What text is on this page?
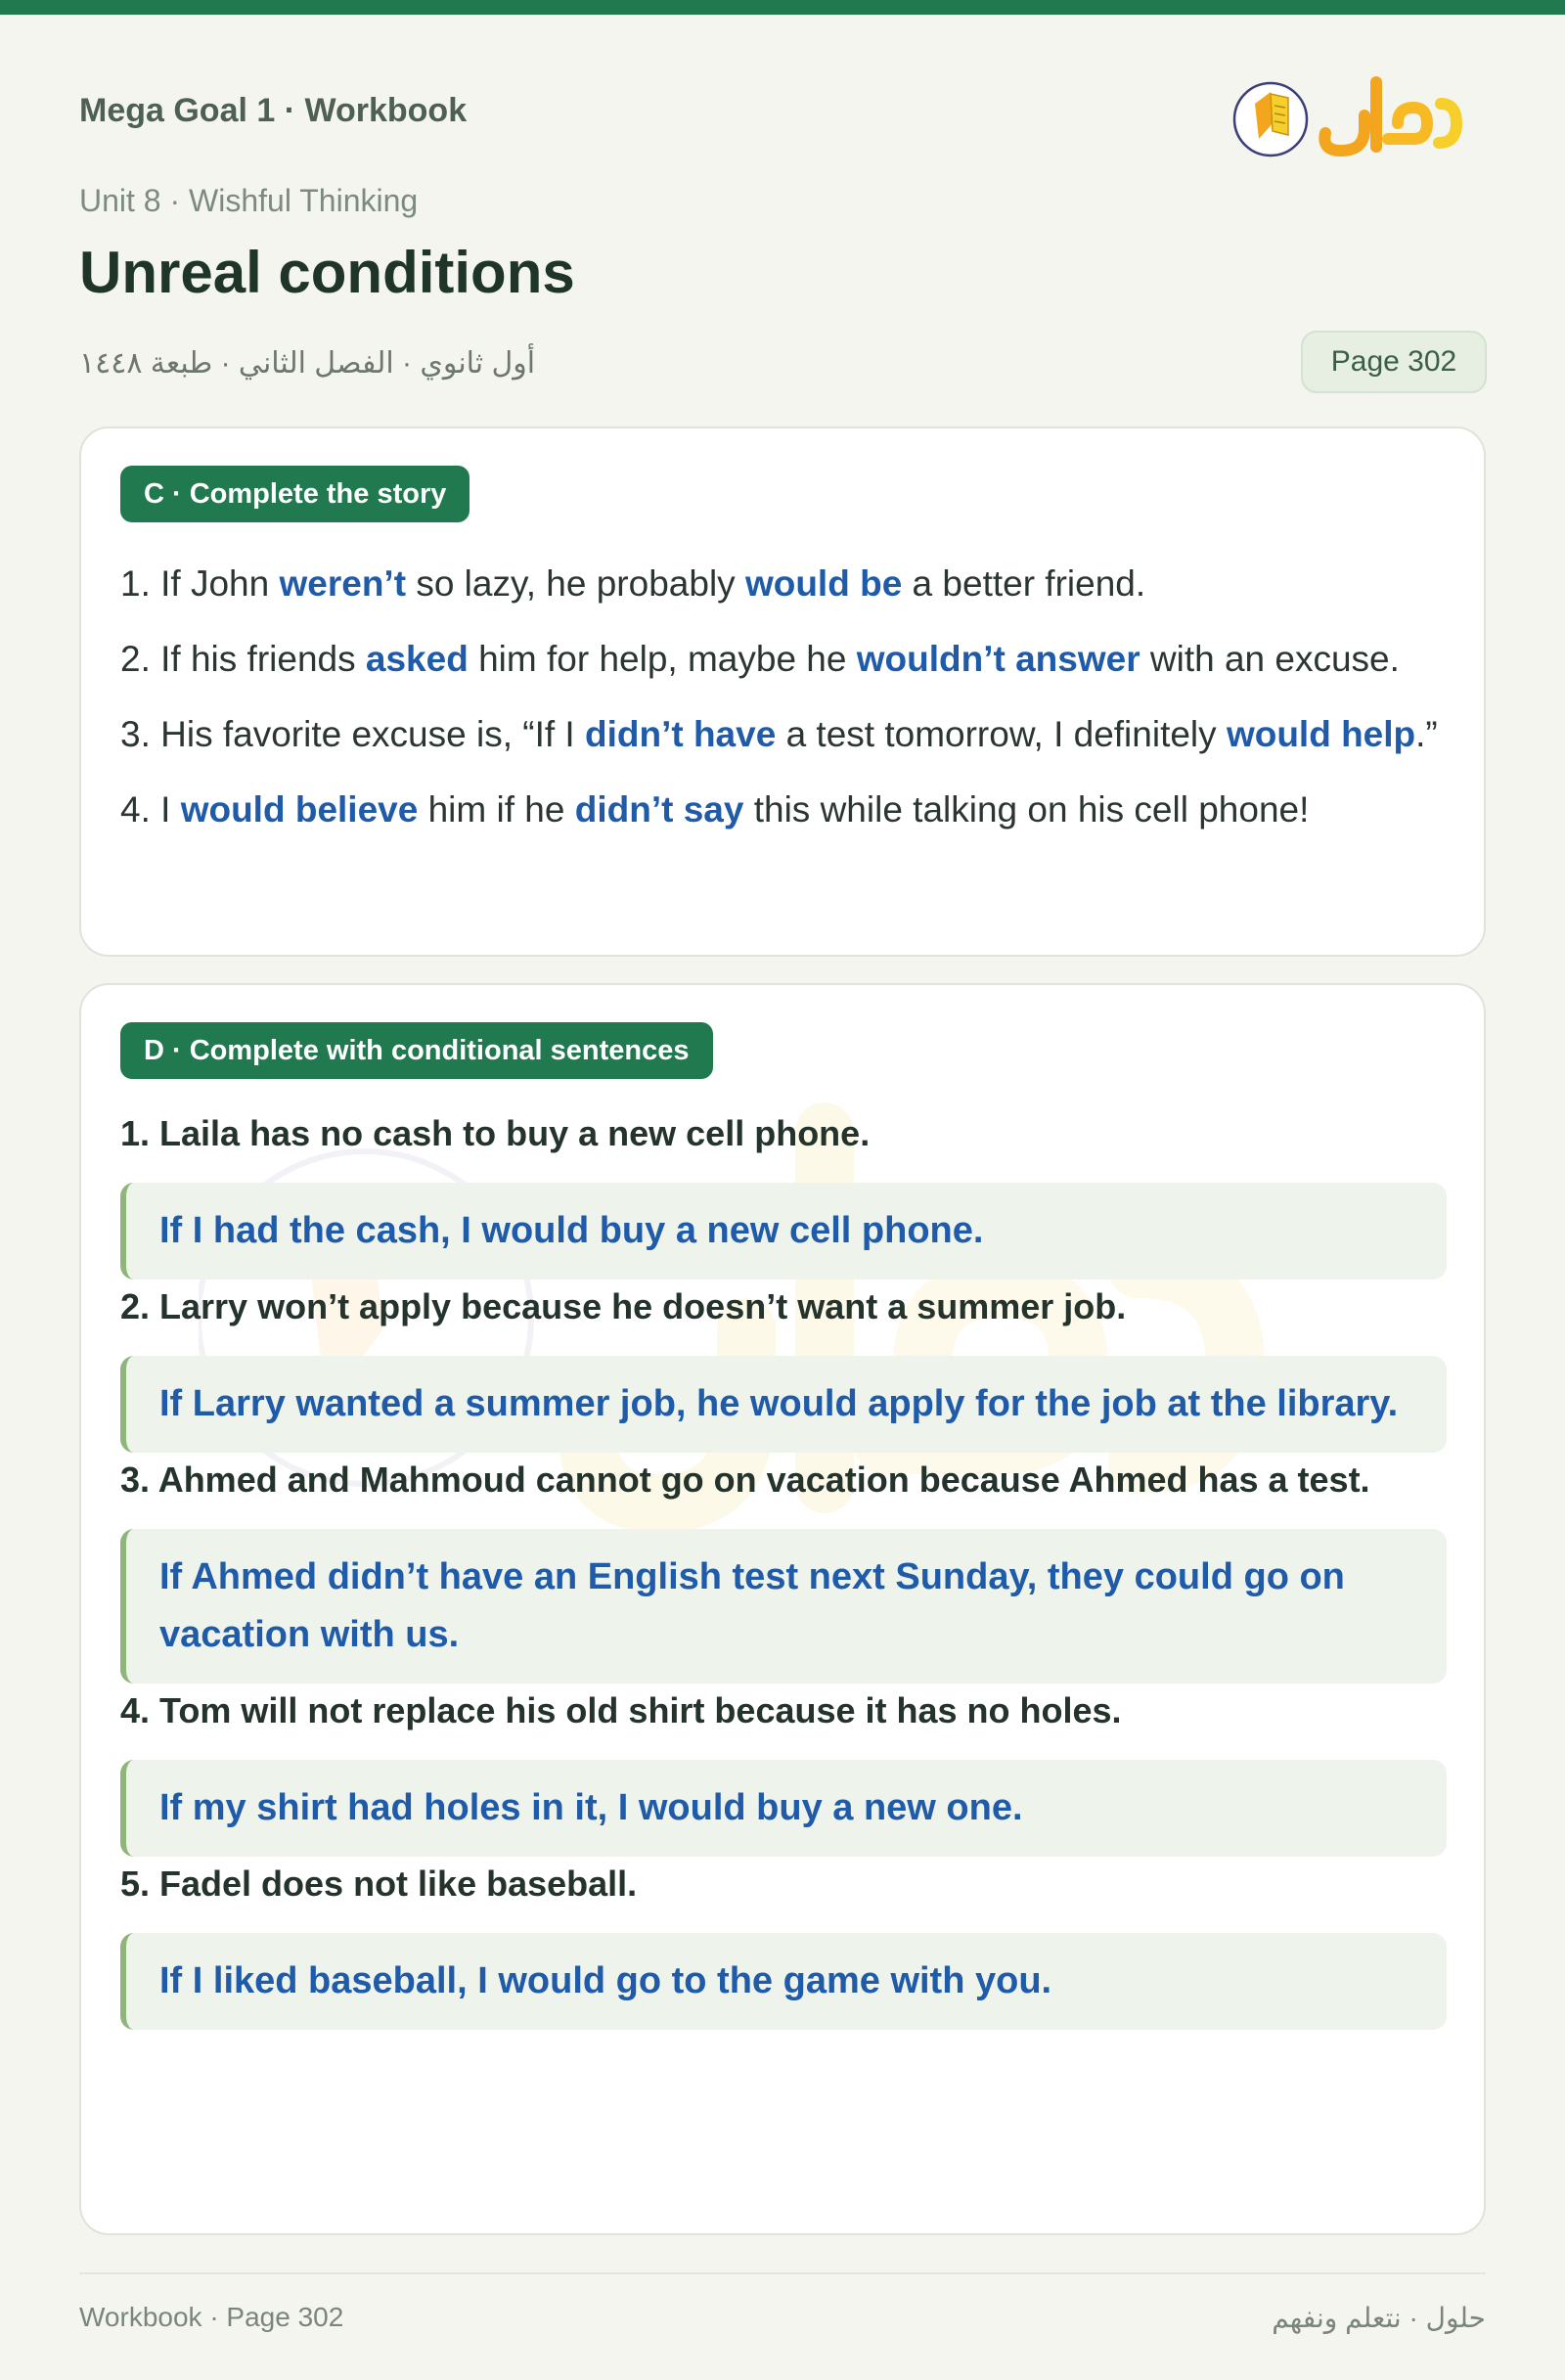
Mega Goal 1 · Workbook
Unit 8 · Wishful Thinking
Unreal conditions
أول ثانوي · الفصل الثاني · طبعة ١٤٤٨	Page 302
C · Complete the story

1. If John weren’t so lazy, he probably would be a better friend.

2. If his friends asked him for help, maybe he wouldn’t answer with an excuse.

3. His favorite excuse is, “If I didn’t have a test tomorrow, I definitely would help.”

4. I would believe him if he didn’t say this while talking on his cell phone!

D · Complete with conditional sentences
1. Laila has no cash to buy a new cell phone.
If I had the cash, I would buy a new cell phone.
2. Larry won’t apply because he doesn’t want a summer job.
If Larry wanted a summer job, he would apply for the job at the library.
3. Ahmed and Mahmoud cannot go on vacation because Ahmed has a test.
If Ahmed didn’t have an English test next Sunday, they could go on vacation with us.
4. Tom will not replace his old shirt because it has no holes.
If my shirt had holes in it, I would buy a new one.
5. Fadel does not like baseball.
If I liked baseball, I would go to the game with you.
Workbook · Page 302	حلول · نتعلم ونفهم
